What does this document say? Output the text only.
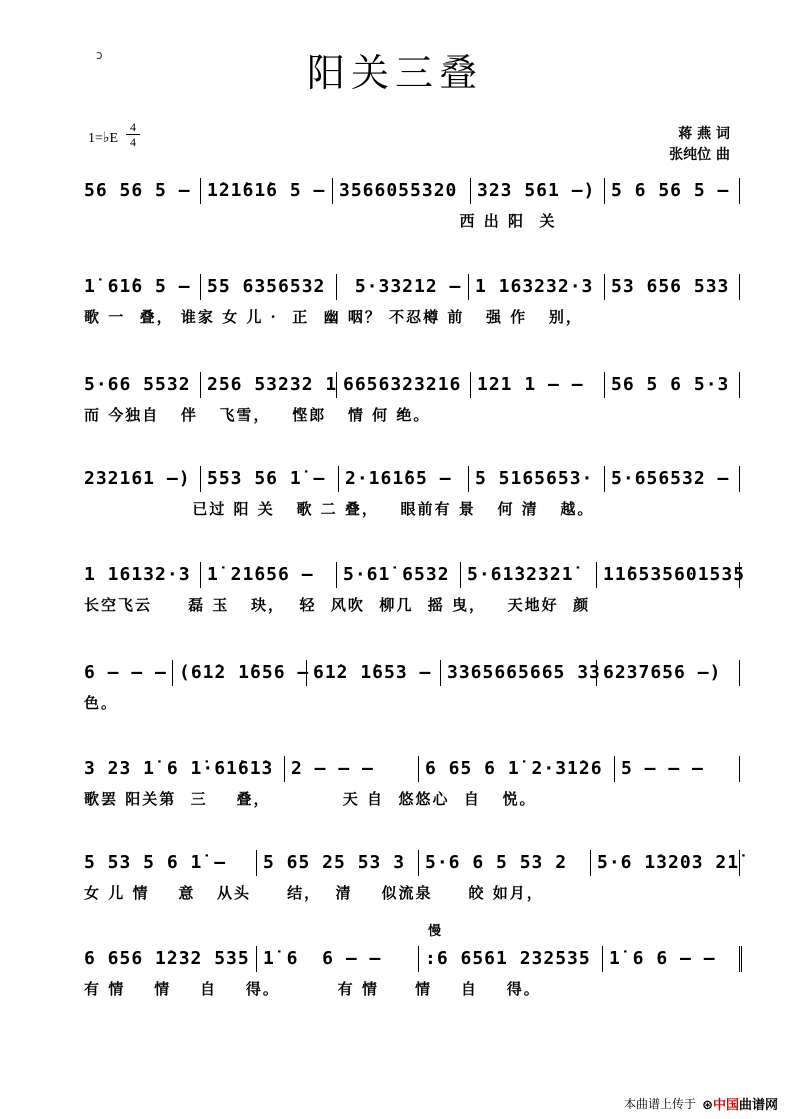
ͻ	阳关三叠
1=♭E
4
4	蒋 燕 词
张纯位 曲
56 56 5 – 1̇21̇61̇6 5 – 3566055320 323 561 –) 5 6 56 5 –
西 出 阳  关
1̇ 61̇6 5 – 55 6356532 5·33212 – 1 163232·3 53 656 533
歌 一  叠， 谁家 女 儿 ·  正  幽 咽？ 不忍樽 前   强 作   别，
5·66 5532 256 53232 1 6656323216 121 1 – – 56 5 6 5·3
而 今独自   伴   飞雪，   悭郎   情 何 绝。
232161 –) 553 56 1̇ – 2·161̇65 – 5 5165653· 5·656532 –
已过 阳 关   歌 二 叠，   眼前有 景   何 清   越。
1 16132·3 1̇ 21̇656 – 5·61̇ 6532 5·61̇32321̇ 11̇6535601535
长空飞云     磊 玉   玦，  轻  风吹  柳几  摇 曳，   天地好  颜
6 – – – (61̇2 1̇656 –
61̇2 1̇653 – 3365665665 33 6237656 –)
色。
3 23 1̇ 6 1̇·61̇61̇3 2 – – –	6 65 6 1̇ 2·31̇26 5 – – –
歌罢 阳关第  三    叠，          天 自  悠悠心  自   悦。
5 53 5 6 1̇ –	5 65 25 53 3	5·6 6 5 53 2	5·6 1̇3203 21̇
女 儿 情    意   从头     结，  清    似流泉     皎 如月，
慢
6 656 1̇232 535 1̇ 6  6 – –	:6 6561 232535 1̇ 6 6 – –
有 情    情    自    得。        有 情     情    自    得。
本曲谱上传于 ⊛中国曲谱网
